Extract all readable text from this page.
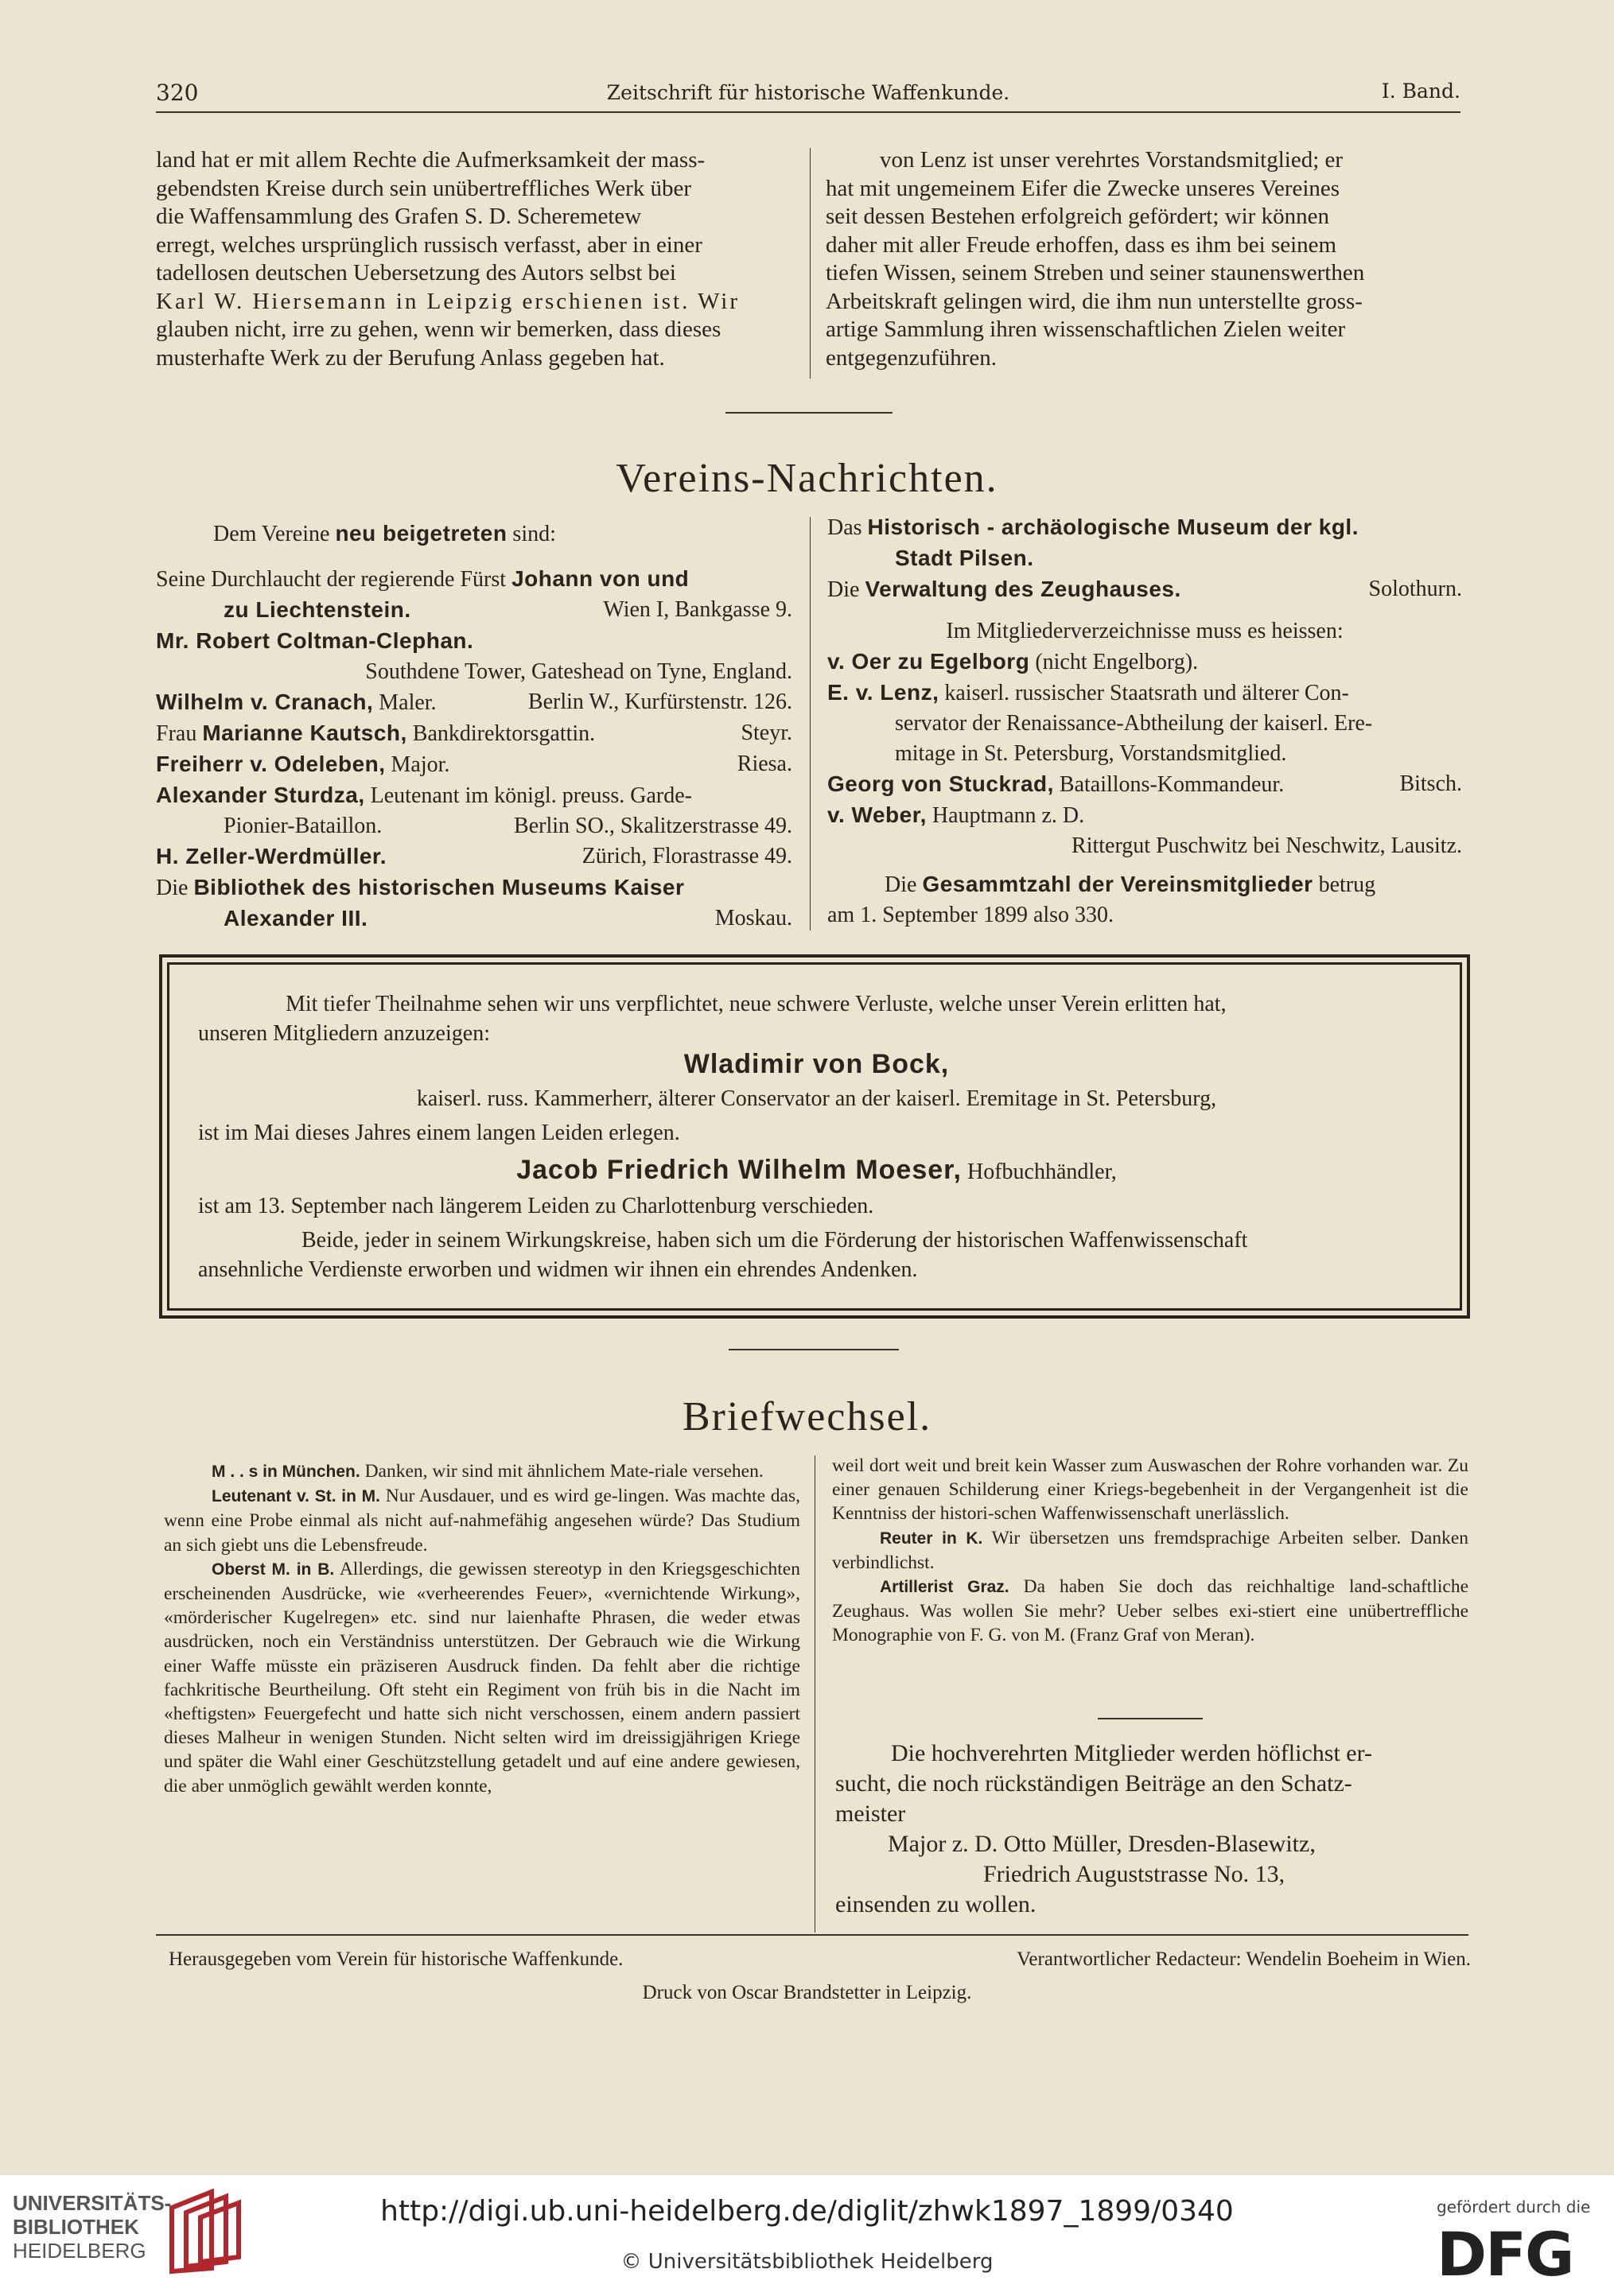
320	Zeitschrift für historische Waffenkunde.	I. Band.

land hat er mit allem Rechte die Aufmerksamkeit der mass-

gebendsten Kreise durch sein unübertreffliches Werk über

die Waffensammlung des Grafen S. D. Scheremetew

erregt, welches ursprünglich russisch verfasst, aber in einer

tadellosen deutschen Uebersetzung des Autors selbst bei

Karl W. Hiersemann in Leipzig erschienen ist. Wir

glauben nicht, irre zu gehen, wenn wir bemerken, dass dieses

musterhafte Werk zu der Berufung Anlass gegeben hat.

von Lenz ist unser verehrtes Vorstandsmitglied; er

hat mit ungemeinem Eifer die Zwecke unseres Vereines

seit dessen Bestehen erfolgreich gefördert; wir können

daher mit aller Freude erhoffen, dass es ihm bei seinem

tiefen Wissen, seinem Streben und seiner staunenswerthen

Arbeitskraft gelingen wird, die ihm nun unterstellte gross-

artige Sammlung ihren wissenschaftlichen Zielen weiter

entgegenzuführen.

Vereins-Nachrichten.
Dem Vereine neu beigetreten sind:
Seine Durchlaucht der regierende Fürst Johann von und
zu Liechtenstein.	Wien I, Bankgasse 9.
Mr. Robert Coltman-Clephan.
Southdene Tower, Gateshead on Tyne, England.
Wilhelm v. Cranach, Maler.	Berlin W., Kurfürstenstr. 126.
Frau Marianne Kautsch, Bankdirektorsgattin.	Steyr.
Freiherr v. Odeleben, Major.	Riesa.
Alexander Sturdza, Leutenant im königl. preuss. Garde-
Pionier-Bataillon.	Berlin SO., Skalitzerstrasse 49.
H. Zeller-Werdmüller.	Zürich, Florastrasse 49.
Die Bibliothek des historischen Museums Kaiser
Alexander III.	Moskau.
Das Historisch - archäologische Museum der kgl.
Stadt Pilsen.
Die Verwaltung des Zeughauses.	Solothurn.
Im Mitgliederverzeichnisse muss es heissen:
v. Oer zu Egelborg (nicht Engelborg).
E. v. Lenz, kaiserl. russischer Staatsrath und älterer Con-
servator der Renaissance-Abtheilung der kaiserl. Ere-
mitage in St. Petersburg, Vorstandsmitglied.
Georg von Stuckrad, Bataillons-Kommandeur.	Bitsch.
v. Weber, Hauptmann z. D.
Rittergut Puschwitz bei Neschwitz, Lausitz.
Die Gesammtzahl der Vereinsmitglieder betrug
am 1. September 1899 also 330.
Mit tiefer Theilnahme sehen wir uns verpflichtet, neue schwere Verluste, welche unser Verein erlitten hat,
unseren Mitgliedern anzuzeigen:
Wladimir von Bock,
kaiserl. russ. Kammerherr, älterer Conservator an der kaiserl. Eremitage in St. Petersburg,
ist im Mai dieses Jahres einem langen Leiden erlegen.
Jacob Friedrich Wilhelm Moeser, Hofbuchhändler,
ist am 13. September nach längerem Leiden zu Charlottenburg verschieden.
Beide, jeder in seinem Wirkungskreise, haben sich um die Förderung der historischen Waffenwissenschaft
ansehnliche Verdienste erworben und widmen wir ihnen ein ehrendes Andenken.
Briefwechsel.

M . . s in München. Danken, wir sind mit ähnlichem Mate-riale versehen.

Leutenant v. St. in M. Nur Ausdauer, und es wird ge-lingen. Was machte das, wenn eine Probe einmal als nicht auf-nahmefähig angesehen würde? Das Studium an sich giebt uns die Lebensfreude.

Oberst M. in B. Allerdings, die gewissen stereotyp in den Kriegsgeschichten erscheinenden Ausdrücke, wie «verheerendes Feuer», «vernichtende Wirkung», «mörderischer Kugelregen» etc. sind nur laienhafte Phrasen, die weder etwas ausdrücken, noch ein Verständniss unterstützen. Der Gebrauch wie die Wirkung einer Waffe müsste ein präziseren Ausdruck finden. Da fehlt aber die richtige fachkritische Beurtheilung. Oft steht ein Regiment von früh bis in die Nacht im «heftigsten» Feuergefecht und hatte sich nicht verschossen, einem andern passiert dieses Malheur in wenigen Stunden. Nicht selten wird im dreissigjährigen Kriege und später die Wahl einer Geschützstellung getadelt und auf eine andere gewiesen, die aber unmöglich gewählt werden konnte,

weil dort weit und breit kein Wasser zum Auswaschen der Rohre vorhanden war. Zu einer genauen Schilderung einer Kriegs-begebenheit in der Vergangenheit ist die Kenntniss der histori-schen Waffenwissenschaft unerlässlich.

Reuter in K. Wir übersetzen uns fremdsprachige Arbeiten selber. Danken verbindlichst.

Artillerist Graz. Da haben Sie doch das reichhaltige land-schaftliche Zeughaus. Was wollen Sie mehr? Ueber selbes exi-stiert eine unübertreffliche Monographie von F. G. von M. (Franz Graf von Meran).

Die hochverehrten Mitglieder werden höflichst er-
sucht, die noch rückständigen Beiträge an den Schatz-
meister
Major z. D. Otto Müller, Dresden-Blasewitz,
Friedrich Auguststrasse No. 13,
einsenden zu wollen.
Herausgegeben vom Verein für historische Waffenkunde.	Verantwortlicher Redacteur: Wendelin Boeheim in Wien.
Druck von Oscar Brandstetter in Leipzig.
UNIVERSITÄTS-
BIBLIOTHEK
HEIDELBERG
http://digi.ub.uni-heidelberg.de/diglit/zhwk1897_1899/0340
© Universitätsbibliothek Heidelberg
gefördert durch die
DFG
